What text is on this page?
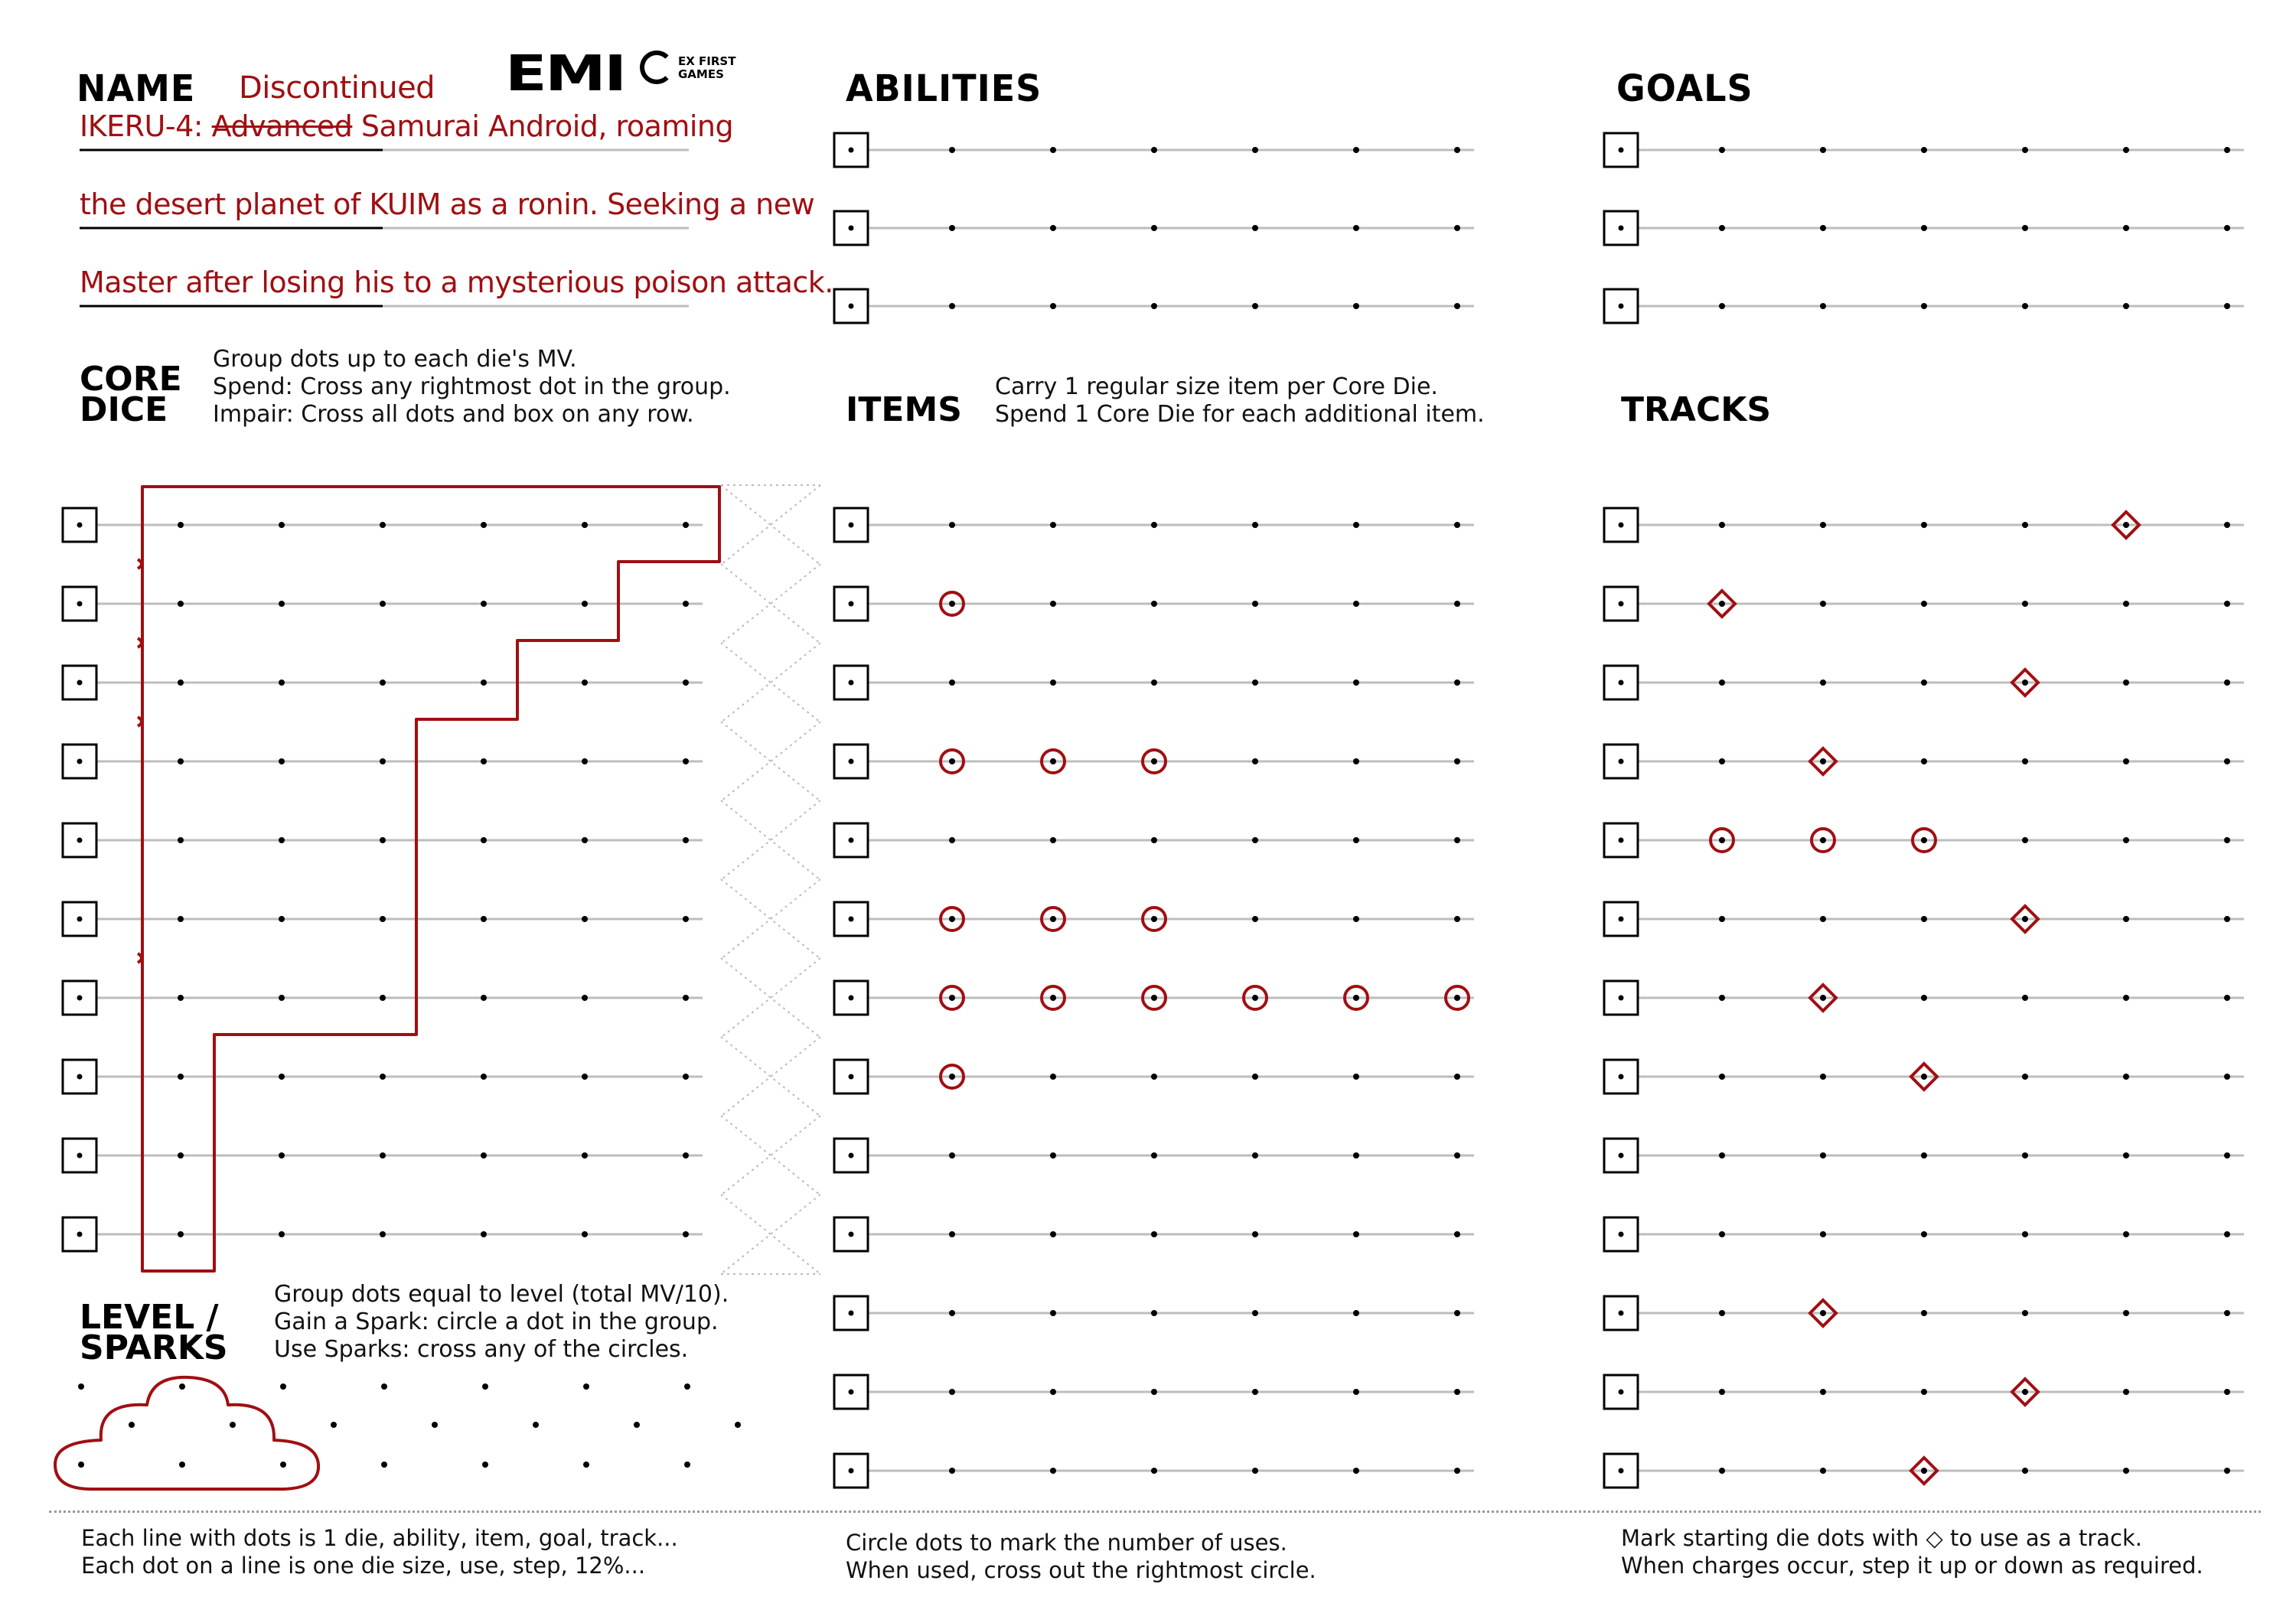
NAME Discontinued
IKERU-4: Advanced Samurai Android, roaming
the desert planet of KUIM as a ronin. Seeking a new
Master after losing his to a mysterious poison attack.
EMI	EX FIRST GAMES	ABILITIES	GOALS
CORE
DICE
Group dots up to each die's MV.
Spend: Cross any rightmost dot in the group.
Impair: Cross all dots and box on any row.	ITEMS
Carry 1 regular size item per Core Die.
Spend 1 Core Die for each additional item.	TRACKS
LEVEL /
SPARKS
Group dots equal to level (total MV/10).
Gain a Spark: circle a dot in the group.
Use Sparks: cross any of the circles.
Each line with dots is 1 die, ability, item, goal, track...
Each dot on a line is one die size, use, step, 12%...
Circle dots to mark the number of uses.
When used, cross out the rightmost circle.
Mark starting die dots with ◇ to use as a track.
When charges occur, step it up or down as required.
